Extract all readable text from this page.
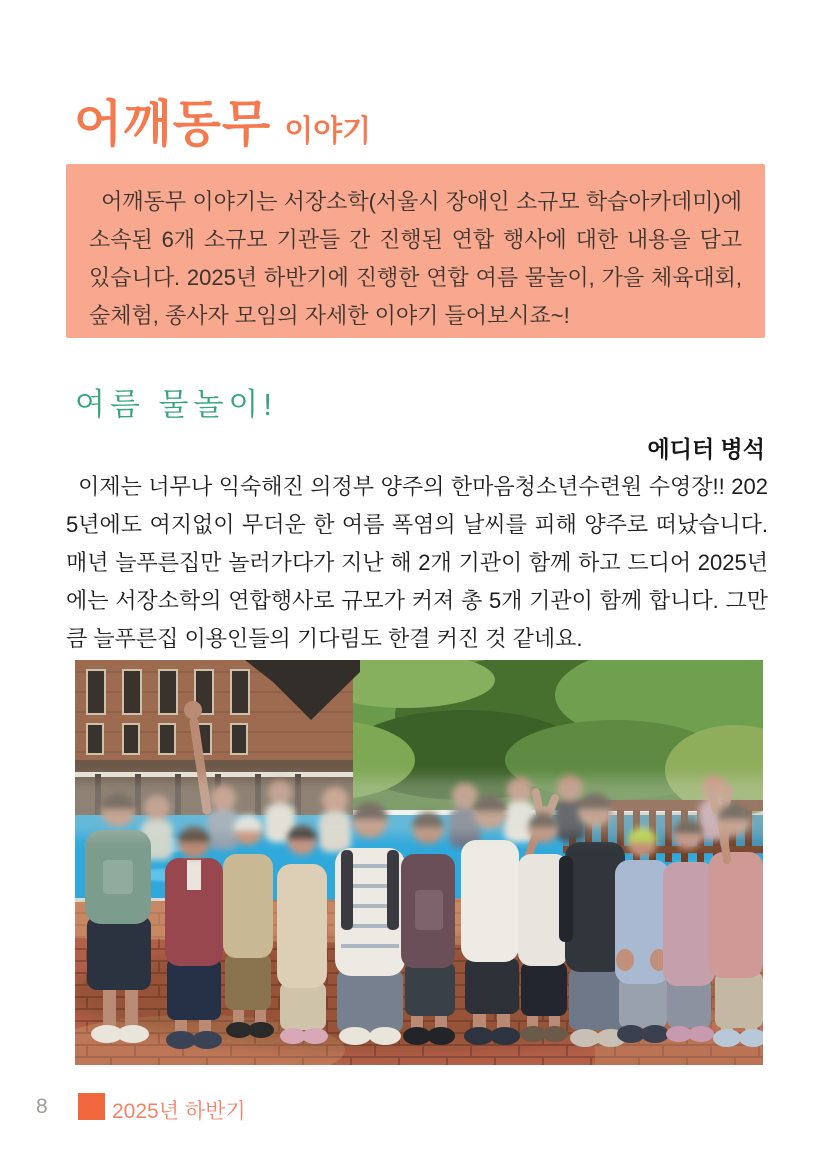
어깨동무 이야기
어깨동무 이야기는 서장소학(서울시 장애인 소규모 학습아카데미)에 소속된 6개 소규모 기관들 간 진행된 연합 행사에 대한 내용을 담고 있습니다. 2025년 하반기에 진행한 연합 여름 물놀이, 가을 체육대회, 숲체험, 종사자 모임의 자세한 이야기 들어보시죠~!
여름 물놀이!
에디터 병석
이제는 너무나 익숙해진 의정부 양주의 한마음청소년수련원 수영장!! 2025년에도 여지없이 무더운 한 여름 폭염의 날씨를 피해 양주로 떠났습니다. 매년 늘푸른집만 놀러가다가 지난 해 2개 기관이 함께 하고 드디어 2025년에는 서장소학의 연합행사로 규모가 커져 총 5개 기관이 함께 합니다. 그만큼 늘푸른집 이용인들의 기다림도 한결 커진 것 같네요.
8	2025년 하반기
